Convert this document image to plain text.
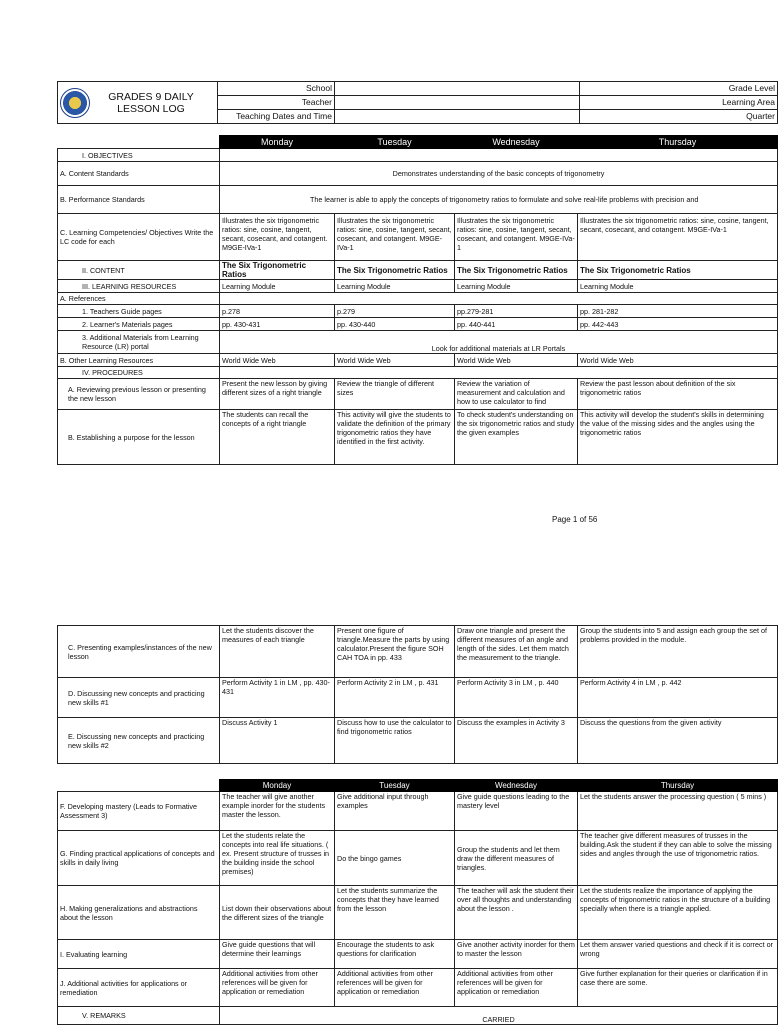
GRADES 9 DAILY LESSON LOG	School		Grade Level
	Teacher		Learning Area
	Teaching Dates and Time		Quarter
	Monday	Tuesday	Wednesday	Thursday
I. OBJECTIVES				
A. Content Standards	Demonstrates understanding of the basic concepts of trigonometry			
B. Performance Standards	The learner is able to apply the concepts of trigonometry ratios to formulate and solve real-life problems with precision and			
C. Learning Competencies/ Objectives Write the LC code for each	Illustrates the six trigonometric ratios: sine, cosine, tangent, secant, cosecant, and cotangent. M9GE-IVa-1	Illustrates the six trigonometric ratios: sine, cosine, tangent, secant, cosecant, and cotangent. M9GE-IVa-1	Illustrates the six trigonometric ratios: sine, cosine, tangent, secant, cosecant, and cotangent. M9GE-IVa-1	Illustrates the six trigonometric ratios: sine, cosine, tangent, secant, cosecant, and cotangent. M9GE-IVa-1
II. CONTENT	The Six Trigonometric Ratios	The Six Trigonometric Ratios	The Six Trigonometric Ratios	The Six Trigonometric Ratios
III. LEARNING RESOURCES	Learning Module	Learning Module	Learning Module	Learning Module
A. References				
1. Teachers Guide pages	p.278	p.279	pp.279-281	pp. 281-282
2. Learner's Materials pages	pp. 430-431	pp. 430-440	pp. 440-441	pp. 442-443
3. Additional Materials from Learning Resource (LR) portal	Look for additional materials at LR Portals			
B. Other Learning Resources	World Wide Web	World Wide Web	World Wide Web	World Wide Web
IV. PROCEDURES				
A. Reviewing previous lesson or presenting the new lesson	Present the new lesson by giving different sizes of a right triangle	Review the triangle of different sizes	Review the variation of measurement and calculation and how to use calculator to find	Review the past lesson about definition of the six trigonometric ratios
B. Establishing a purpose for the lesson	The students can recall the concepts of a right triangle	This activity will give the students to validate the definition of the primary trigonometric ratios they have identified in the first activity.	To check student's understanding on the six trigonometric ratios and study the given examples	This activity will develop the student's skills in determining the value of the missing sides and the angles using the trigonometric ratios
Page 1 of 56
C. Presenting examples/instances of the new lesson	Let the students discover the measures of each triangle	Present one figure of triangle.Measure the parts by using calculator.Present the figure SOH CAH TOA in pp. 433	Draw one triangle and present the different measures of an angle and length of the sides. Let them match the measurement to the triangle.	Group the students into 5 and assign each group the set of problems provided in the module.
D. Discussing new concepts and practicing new skills #1	Perform Activity 1 in LM , pp. 430-431	Perform Activity 2 in LM , p. 431	Perform Activity 3 in LM , p. 440	Perform Activity 4 in LM , p. 442
E. Discussing new concepts and practicing new skills #2	Discuss Activity 1	Discuss how to use the calculator to find trigonometric ratios	Discuss the examples in Activity 3	Discuss the questions from the given activity
	Monday	Tuesday	Wednesday	Thursday
F. Developing mastery (Leads to Formative Assessment 3)	The teacher will give another example inorder for the students master the lesson.	Give additional input through examples	Give guide questions leading to the mastery level	Let the students answer the processing question ( 5 mins )
G. Finding practical applications of concepts and skills in daily living	Let the students relate the concepts into real life situations. ( ex. Present structure of trusses in the building inside the school premises)	Do the bingo games	Group the students and let them draw the different measures of triangles.	The teacher give different measures of trusses in the building.Ask the student if they can able to solve the missing sides and angles through the use of trigonometric ratios.
H. Making generalizations and abstractions about the lesson	List down their observations about the different sizes of the triangle	Let the students summarize the concepts that they have learned from the lesson	The teacher will ask the student their over all thoughts and understanding about the lesson .	Let the students realize the importance of applying the concepts of trigonometric ratios in the structure of a building specially when there is a triangle applied.
I. Evaluating learning	Give guide questions that will determine their learnings	Encourage the students to ask questions for clarification	Give another activity inorder for them to master the lesson	Let them answer varied questions and check if it is correct or wrong
J. Additional activities for applications or remediation	Additional activities from other references will be given for application or remediation	Additional activities from other references will be given for application or remediation	Additional activities from other references will be given for application or remediation	Give further explanation for their queries or clarification if in case there are some.
V. REMARKS	CARRIED			
